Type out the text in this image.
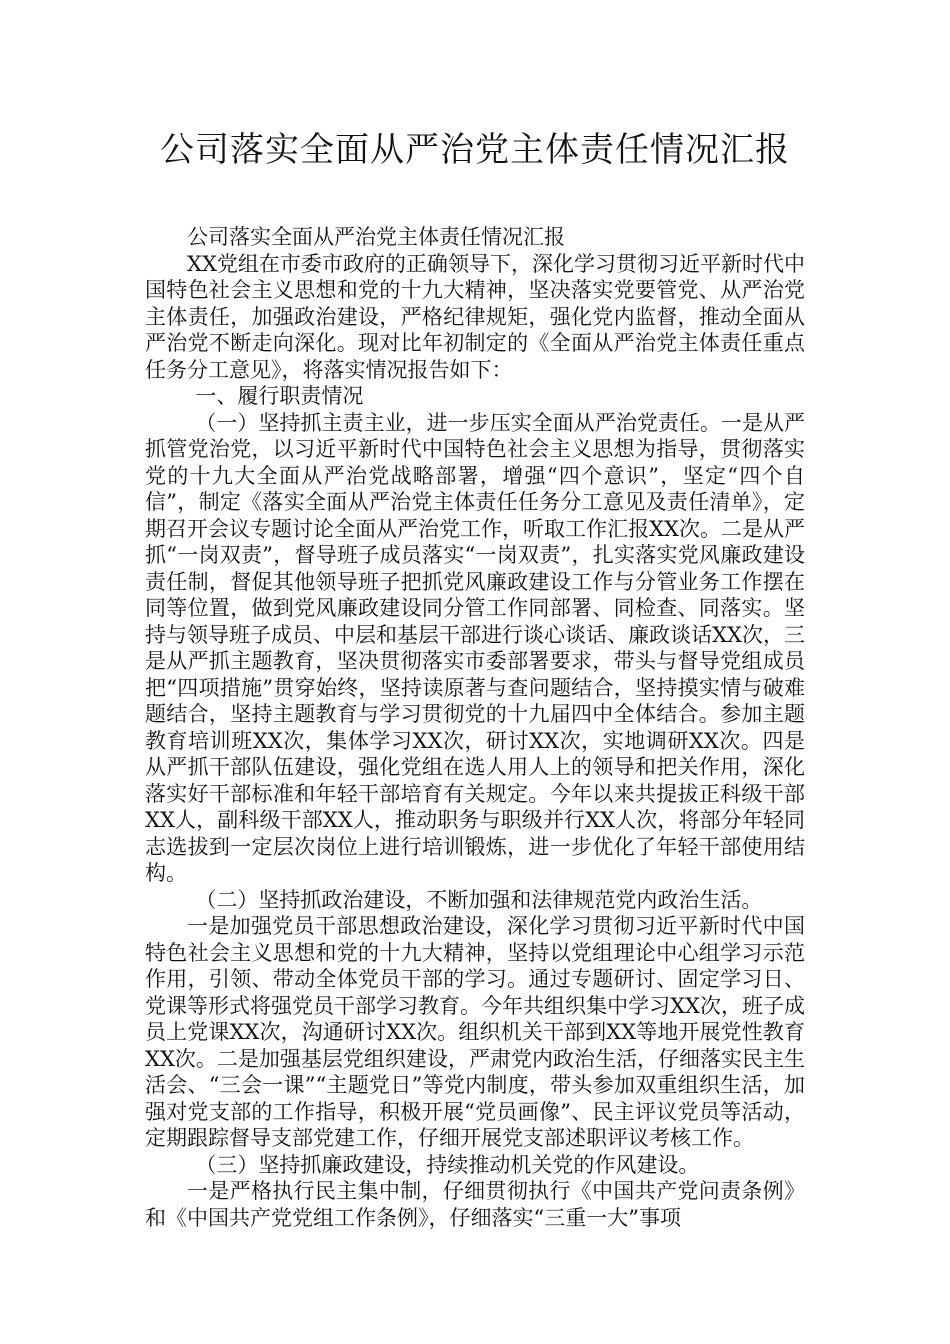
公司落实全面从严治党主体责任情况汇报

公司落实全面从严治党主体责任情况汇报

XX党组在市委市政府的正确领导下，深化学习贯彻习近平新时代中国特色社会主义思想和党的十九大精神，坚决落实党要管党、从严治党主体责任，加强政治建设，严格纪律规矩，强化党内监督，推动全面从严治党不断走向深化。现对比年初制定的《全面从严治党主体责任重点任务分工意见》，将落实情况报告如下：

一、履行职责情况

（一）坚持抓主责主业，进一步压实全面从严治党责任。一是从严抓管党治党，以习近平新时代中国特色社会主义思想为指导，贯彻落实党的十九大全面从严治党战略部署，增强“四个意识”，坚定“四个自信”，制定《落实全面从严治党主体责任任务分工意见及责任清单》，定期召开会议专题讨论全面从严治党工作，听取工作汇报XX次。二是从严抓“一岗双责”，督导班子成员落实“一岗双责”，扎实落实党风廉政建设责任制，督促其他领导班子把抓党风廉政建设工作与分管业务工作摆在同等位置，做到党风廉政建设同分管工作同部署、同检查、同落实。坚持与领导班子成员、中层和基层干部进行谈心谈话、廉政谈话XX次，三是从严抓主题教育，坚决贯彻落实市委部署要求，带头与督导党组成员把“四项措施”贯穿始终，坚持读原著与查问题结合，坚持摸实情与破难题结合，坚持主题教育与学习贯彻党的十九届四中全体结合。参加主题教育培训班XX次，集体学习XX次，研讨XX次，实地调研XX次。四是从严抓干部队伍建设，强化党组在选人用人上的领导和把关作用，深化落实好干部标准和年轻干部培育有关规定。今年以来共提拔正科级干部XX人，副科级干部XX人，推动职务与职级并行XX人次，将部分年轻同志选拔到一定层次岗位上进行培训锻炼，进一步优化了年轻干部使用结构。

（二）坚持抓政治建设，不断加强和法律规范党内政治生活。

一是加强党员干部思想政治建设，深化学习贯彻习近平新时代中国特色社会主义思想和党的十九大精神，坚持以党组理论中心组学习示范作用，引领、带动全体党员干部的学习。通过专题研讨、固定学习日、党课等形式将强党员干部学习教育。今年共组织集中学习XX次，班子成员上党课XX次，沟通研讨XX次。组织机关干部到XX等地开展党性教育XX次。二是加强基层党组织建设，严肃党内政治生活，仔细落实民主生活会、“三会一课”“主题党日”等党内制度，带头参加双重组织生活，加强对党支部的工作指导，积极开展“党员画像”、民主评议党员等活动，定期跟踪督导支部党建工作，仔细开展党支部述职评议考核工作。

（三）坚持抓廉政建设，持续推动机关党的作风建设。

一是严格执行民主集中制，仔细贯彻执行《中国共产党问责条例》和《中国共产党党组工作条例》，仔细落实“三重一大”事项
